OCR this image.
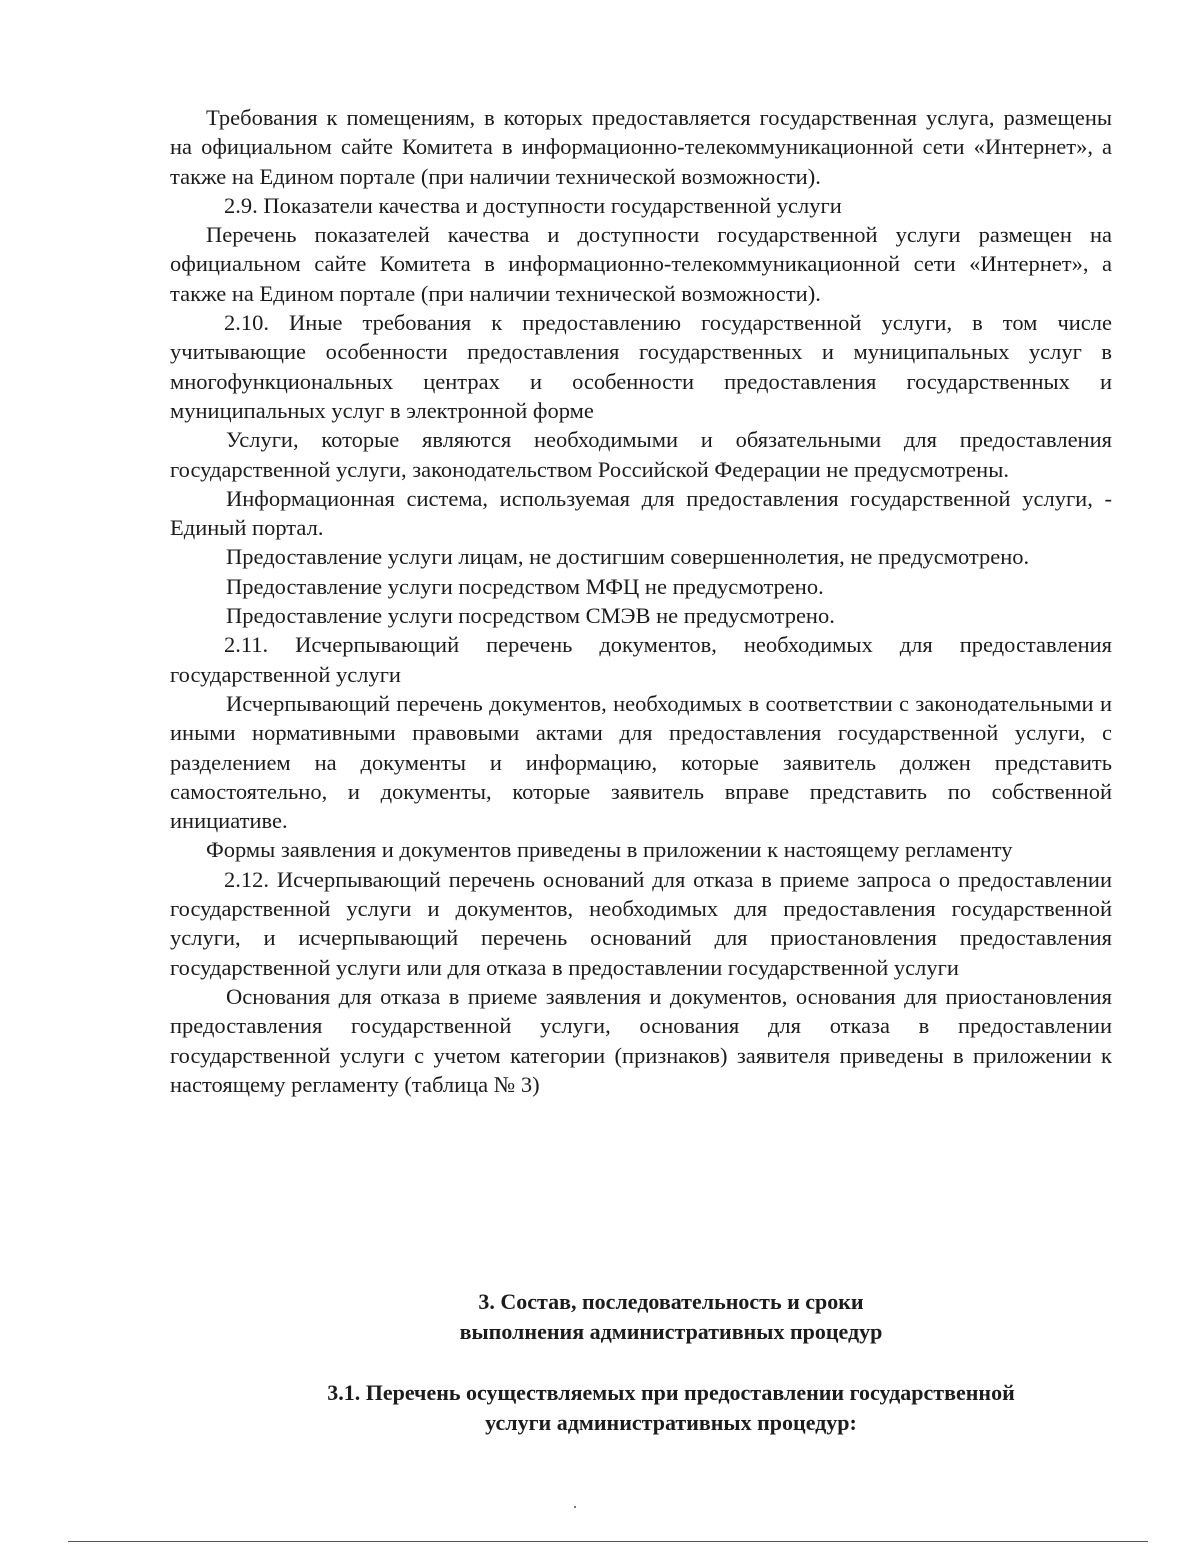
Требования к помещениям, в которых предоставляется государственная услуга, размещены на официальном сайте Комитета в информационно-телекоммуникационной сети «Интернет», а также на Едином портале (при наличии технической возможности).

2.9. Показатели качества и доступности государственной услуги

Перечень показателей качества и доступности государственной услуги размещен на официальном сайте Комитета в информационно-телекоммуникационной сети «Интернет», а также на Едином портале (при наличии технической возможности).

2.10. Иные требования к предоставлению государственной услуги, в том числе учитывающие особенности предоставления государственных и муниципальных услуг в многофункциональных центрах и особенности предоставления государственных и муниципальных услуг в электронной форме

Услуги, которые являются необходимыми и обязательными для предоставления государственной услуги, законодательством Российской Федерации не предусмотрены.

Информационная система, используемая для предоставления государственной услуги, - Единый портал.

Предоставление услуги лицам, не достигшим совершеннолетия, не предусмотрено.

Предоставление услуги посредством МФЦ не предусмотрено.

Предоставление услуги посредством СМЭВ не предусмотрено.

2.11. Исчерпывающий перечень документов, необходимых для предоставления государственной услуги

Исчерпывающий перечень документов, необходимых в соответствии с законодательными и иными нормативными правовыми актами для предоставления государственной услуги, с разделением на документы и информацию, которые заявитель должен представить самостоятельно, и документы, которые заявитель вправе представить по собственной инициативе.

Формы заявления и документов приведены в приложении к настоящему регламенту

2.12. Исчерпывающий перечень оснований для отказа в приеме запроса о предоставлении государственной услуги и документов, необходимых для предоставления государственной услуги, и исчерпывающий перечень оснований для приостановления предоставления государственной услуги или для отказа в предоставлении государственной услуги

Основания для отказа в приеме заявления и документов, основания для приостановления предоставления государственной услуги, основания для отказа в предоставлении государственной услуги с учетом категории (признаков) заявителя приведены в приложении к настоящему регламенту (таблица № 3)

3. Состав, последовательность и сроки
выполнения административных процедур
3.1. Перечень осуществляемых при предоставлении государственной
услуги административных процедур:
